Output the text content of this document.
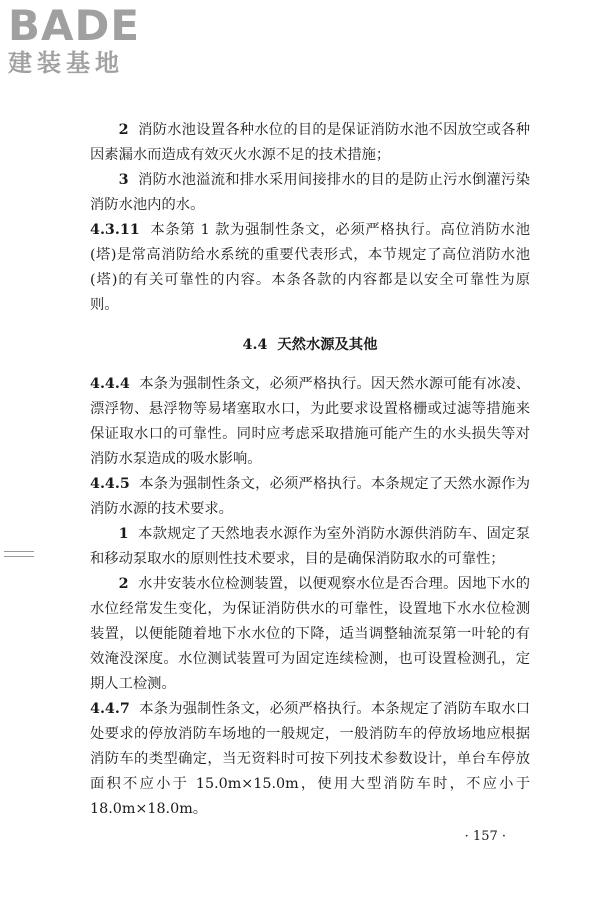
BADE
建装基地

2 消防水池设置各种水位的目的是保证消防水池不因放空或各种因素漏水而造成有效灭火水源不足的技术措施；

3 消防水池溢流和排水采用间接排水的目的是防止污水倒灌污染消防水池内的水。

4.3.11 本条第 1 款为强制性条文，必须严格执行。高位消防水池(塔)是常高消防给水系统的重要代表形式，本节规定了高位消防水池(塔)的有关可靠性的内容。本条各款的内容都是以安全可靠性为原则。

4.4 天然水源及其他

4.4.4 本条为强制性条文，必须严格执行。因天然水源可能有冰凌、漂浮物、悬浮物等易堵塞取水口，为此要求设置格栅或过滤等措施来保证取水口的可靠性。同时应考虑采取措施可能产生的水头损失等对消防水泵造成的吸水影响。

4.4.5 本条为强制性条文，必须严格执行。本条规定了天然水源作为消防水源的技术要求。

1 本款规定了天然地表水源作为室外消防水源供消防车、固定泵和移动泵取水的原则性技术要求，目的是确保消防取水的可靠性；

2 水井安装水位检测装置，以便观察水位是否合理。因地下水的水位经常发生变化，为保证消防供水的可靠性，设置地下水水位检测装置，以便能随着地下水水位的下降，适当调整轴流泵第一叶轮的有效淹没深度。水位测试装置可为固定连续检测，也可设置检测孔，定期人工检测。

4.4.7 本条为强制性条文，必须严格执行。本条规定了消防车取水口处要求的停放消防车场地的一般规定，一般消防车的停放场地应根据消防车的类型确定，当无资料时可按下列技术参数设计，单台车停放面积不应小于 15.0m×15.0m，使用大型消防车时，不应小于 18.0m×18.0m。

· 157 ·
